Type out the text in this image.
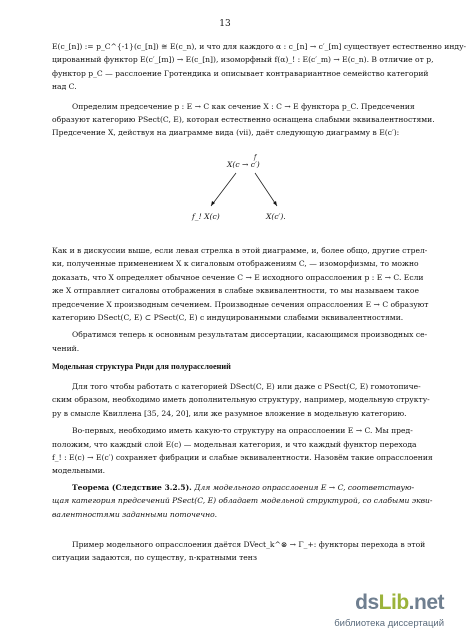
13

E(c_[n]) := p_C^{-1}(c_[n]) ≅ E(c_n), и что для каждого α : c_[n] → c′_[m] существует естественно инду-

цированный функтор E(c′_[m]) → E(c_[n]), изоморфный f(α)_! : E(c′_m) → E(c_n). В отличие от p,

функтор p_C — расслоение Гротендика и описывает контравариантное семейство категорий

над C.

Определим предсечение p : E → C как сечение X : C → E функтора p_C. Предсечения

образуют категорию PSect(C, E), которая естественно оснащена слабыми эквивалентностями.

Предсечение X, действуя на диаграмме вида (vii), даёт следующую диаграмму в E(c′):

X(c → c′)
f
f_! X(c)	X(c′).

Как и в дискуссии выше, если левая стрелка в этой диаграмме, и, более общо, другие стрел-

ки, полученные применением X к сигаловым отображениям C, — изоморфизмы, то можно

доказать, что X определяет обычное сечение C → E исходного опрасслоения p : E → C. Если

же X отправляет сигаловы отображения в слабые эквивалентности, то мы называем такое

предсечение X производным сечением. Производные сечения опрасслоения E → C образуют

категорию DSect(C, E) ⊂ PSect(C, E) с индуцированными слабыми эквивалентностями.

Обратимся теперь к основным результатам диссертации, касающимся производных се-

чений.

Модельная структура Риди для полурасслоений

Для того чтобы работать с категорией DSect(C, E) или даже с PSect(C, E) гомотопиче-

ским образом, необходимо иметь дополнительную структуру, например, модельную структу-

ру в смысле Квиллена [35, 24, 20], или же разумное вложение в модельную категорию.

Во-первых, необходимо иметь какую-то структуру на опрасслоении E → C. Мы пред-

положим, что каждый слой E(c) — модельная категория, и что каждый функтор перехода

f_! : E(c) → E(c′) сохраняет фибрации и слабые эквивалентности. Назовём такие опрасслоения

модельными.

Теорема (Следствие 3.2.5). Для модельного опрасслоения E → C, соответствую-

щая категория предсечений PSect(C, E) обладает модельной структурой, со слабыми экви-

валентностями заданными поточечно.

Пример модельного опрасслоения даётся DVect_k^⊗ → Γ_+: функторы перехода в этой

ситуации задаются, по существу, n-кратными тенз

dsLib.net
библиотека диссертаций
